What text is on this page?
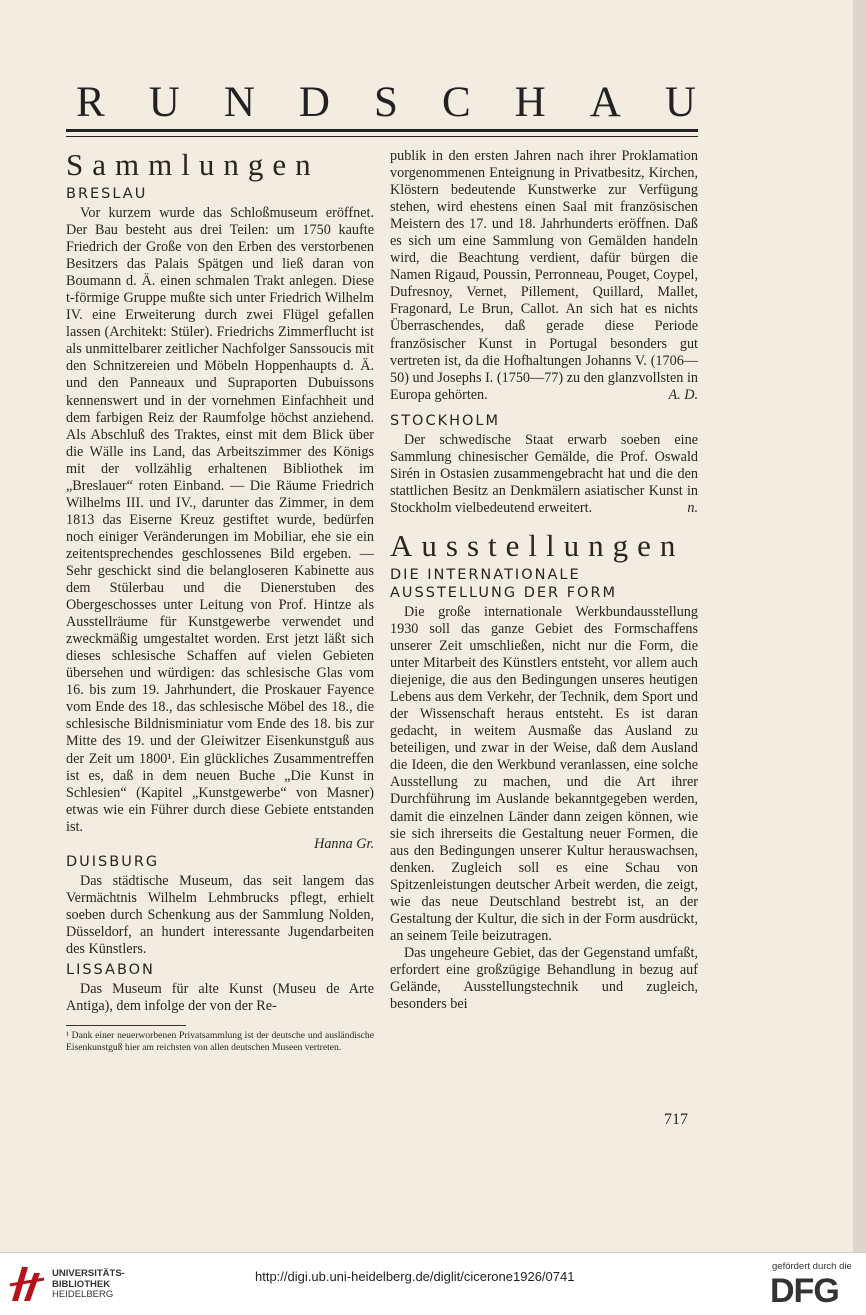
R U N D S C H A U
Sammlungen
BRESLAU

Vor kurzem wurde das Schloßmuseum eröffnet. Der Bau besteht aus drei Teilen: um 1750 kaufte Friedrich der Große von den Erben des verstorbenen Besitzers das Palais Spätgen und ließ daran von Boumann d. Ä. einen schmalen Trakt anlegen. Diese t-förmige Gruppe mußte sich unter Friedrich Wilhelm IV. eine Erweiterung durch zwei Flügel gefallen lassen (Architekt: Stüler). Friedrichs Zimmerflucht ist als unmittelbarer zeitlicher Nachfolger Sanssoucis mit den Schnitzereien und Möbeln Hoppenhaupts d. Ä. und den Panneaux und Supraporten Dubuissons kennenswert und in der vornehmen Einfachheit und dem farbigen Reiz der Raumfolge höchst anziehend. Als Abschluß des Traktes, einst mit dem Blick über die Wälle ins Land, das Arbeitszimmer des Königs mit der vollzählig erhaltenen Bibliothek im „Breslauer“ roten Einband. — Die Räume Friedrich Wilhelms III. und IV., darunter das Zimmer, in dem 1813 das Eiserne Kreuz gestiftet wurde, bedürfen noch einiger Veränderungen im Mobiliar, ehe sie ein zeitentsprechendes geschlossenes Bild ergeben. — Sehr geschickt sind die belangloseren Kabinette aus dem Stülerbau und die Dienerstuben des Obergeschosses unter Leitung von Prof. Hintze als Ausstellräume für Kunstgewerbe verwendet und zweckmäßig umgestaltet worden. Erst jetzt läßt sich dieses schlesische Schaffen auf vielen Gebieten übersehen und würdigen: das schlesische Glas vom 16. bis zum 19. Jahrhundert, die Proskauer Fayence vom Ende des 18., das schlesische Möbel des 18., die schlesische Bildnisminiatur vom Ende des 18. bis zur Mitte des 19. und der Gleiwitzer Eisenkunstguß aus der Zeit um 1800¹. Ein glückliches Zusammentreffen ist es, daß in dem neuen Buche „Die Kunst in Schlesien“ (Kapitel „Kunstgewerbe“ von Masner) etwas wie ein Führer durch diese Gebiete entstanden ist.

Hanna Gr.

DUISBURG

Das städtische Museum, das seit langem das Vermächtnis Wilhelm Lehmbrucks pflegt, erhielt soeben durch Schenkung aus der Sammlung Nolden, Düsseldorf, an hundert interessante Jugendarbeiten des Künstlers.

LISSABON

Das Museum für alte Kunst (Museu de Arte Antiga), dem infolge der von der Re-

¹ Dank einer neuerworbenen Privatsammlung ist der deutsche und ausländische Eisenkunstguß hier am reichsten von allen deutschen Museen vertreten.

publik in den ersten Jahren nach ihrer Proklamation vorgenommenen Enteignung in Privatbesitz, Kirchen, Klöstern bedeutende Kunstwerke zur Verfügung stehen, wird ehestens einen Saal mit französischen Meistern des 17. und 18. Jahrhunderts eröffnen. Daß es sich um eine Sammlung von Gemälden handeln wird, die Beachtung verdient, dafür bürgen die Namen Rigaud, Poussin, Perronneau, Pouget, Coypel, Dufresnoy, Vernet, Pillement, Quillard, Mallet, Fragonard, Le Brun, Callot. An sich hat es nichts Überraschendes, daß gerade diese Periode französischer Kunst in Portugal besonders gut vertreten ist, da die Hofhaltungen Johanns V. (1706—50) und Josephs I. (1750—77) zu den glanzvollsten in Europa gehörten.	A. D.

STOCKHOLM

Der schwedische Staat erwarb soeben eine Sammlung chinesischer Gemälde, die Prof. Oswald Sirén in Ostasien zusammengebracht hat und die den stattlichen Besitz an Denkmälern asiatischer Kunst in Stockholm vielbedeutend erweitert.	n.

Ausstellungen
DIE INTERNATIONALE AUSSTELLUNG DER FORM

Die große internationale Werkbundausstellung 1930 soll das ganze Gebiet des Formschaffens unserer Zeit umschließen, nicht nur die Form, die unter Mitarbeit des Künstlers entsteht, vor allem auch diejenige, die aus den Bedingungen unseres heutigen Lebens aus dem Verkehr, der Technik, dem Sport und der Wissenschaft heraus entsteht. Es ist daran gedacht, in weitem Ausmaße das Ausland zu beteiligen, und zwar in der Weise, daß dem Ausland die Ideen, die den Werkbund veranlassen, eine solche Ausstellung zu machen, und die Art ihrer Durchführung im Auslande bekanntgegeben werden, damit die einzelnen Länder dann zeigen können, wie sie sich ihrerseits die Gestaltung neuer Formen, die aus den Bedingungen unserer Kultur herauswachsen, denken. Zugleich soll es eine Schau von Spitzenleistungen deutscher Arbeit werden, die zeigt, wie das neue Deutschland bestrebt ist, an der Gestaltung der Kultur, die sich in der Form ausdrückt, an seinem Teile beizutragen.

Das ungeheure Gebiet, das der Gegenstand umfaßt, erfordert eine großzügige Behandlung in bezug auf Gelände, Ausstellungstechnik und zugleich, besonders bei

717
UNIVERSITÄTS-
BIBLIOTHEK
HEIDELBERG
http://digi.ub.uni-heidelberg.de/diglit/cicerone1926/0741
gefördert durch die
DFG
